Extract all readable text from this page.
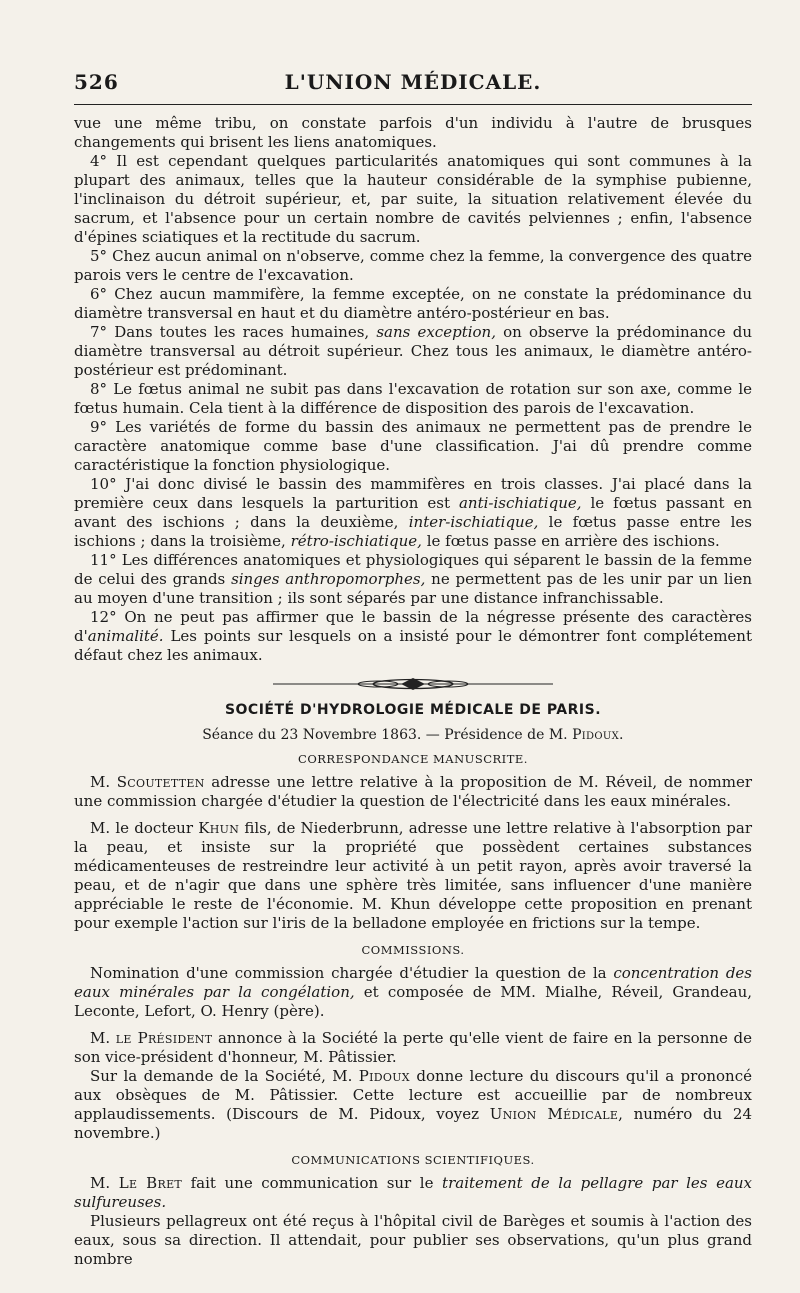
526	L'UNION MÉDICALE.

vue une même tribu, on constate parfois d'un individu à l'autre de brusques changements qui brisent les liens anatomiques.

4° Il est cependant quelques particularités anatomiques qui sont communes à la plupart des animaux, telles que la hauteur considérable de la symphise pubienne, l'inclinaison du détroit supérieur, et, par suite, la situation relativement élevée du sacrum, et l'absence pour un certain nombre de cavités pelviennes ; enfin, l'absence d'épines sciatiques et la rectitude du sacrum.

5° Chez aucun animal on n'observe, comme chez la femme, la convergence des quatre parois vers le centre de l'excavation.

6° Chez aucun mammifère, la femme exceptée, on ne constate la prédominance du diamètre transversal en haut et du diamètre antéro-postérieur en bas.

7° Dans toutes les races humaines, sans exception, on observe la prédominance du diamètre transversal au détroit supérieur. Chez tous les animaux, le diamètre antéro-postérieur est prédominant.

8° Le fœtus animal ne subit pas dans l'excavation de rotation sur son axe, comme le fœtus humain. Cela tient à la différence de disposition des parois de l'excavation.

9° Les variétés de forme du bassin des animaux ne permettent pas de prendre le caractère anatomique comme base d'une classification. J'ai dû prendre comme caractéristique la fonction physiologique.

10° J'ai donc divisé le bassin des mammifères en trois classes. J'ai placé dans la première ceux dans lesquels la parturition est anti-ischiatique, le fœtus passant en avant des ischions ; dans la deuxième, inter-ischiatique, le fœtus passe entre les ischions ; dans la troisième, rétro-ischiatique, le fœtus passe en arrière des ischions.

11° Les différences anatomiques et physiologiques qui séparent le bassin de la femme de celui des grands singes anthropomorphes, ne permettent pas de les unir par un lien au moyen d'une transition ; ils sont séparés par une distance infranchissable.

12° On ne peut pas affirmer que le bassin de la négresse présente des caractères d'animalité. Les points sur lesquels on a insisté pour le démontrer font complétement défaut chez les animaux.

SOCIÉTÉ D'HYDROLOGIE MÉDICALE DE PARIS.
Séance du 23 Novembre 1863. — Présidence de M. Pidoux.
CORRESPONDANCE MANUSCRITE.

M. Scoutetten adresse une lettre relative à la proposition de M. Réveil, de nommer une commission chargée d'étudier la question de l'électricité dans les eaux minérales.

M. le docteur Khun fils, de Niederbrunn, adresse une lettre relative à l'absorption par la peau, et insiste sur la propriété que possèdent certaines substances médicamenteuses de restreindre leur activité à un petit rayon, après avoir traversé la peau, et de n'agir que dans une sphère très limitée, sans influencer d'une manière appréciable le reste de l'économie. M. Khun développe cette proposition en prenant pour exemple l'action sur l'iris de la belladone employée en frictions sur la tempe.

COMMISSIONS.

Nomination d'une commission chargée d'étudier la question de la concentration des eaux minérales par la congélation, et composée de MM. Mialhe, Réveil, Grandeau, Leconte, Lefort, O. Henry (père).

M. le Président annonce à la Société la perte qu'elle vient de faire en la personne de son vice-président d'honneur, M. Pâtissier.

Sur la demande de la Société, M. Pidoux donne lecture du discours qu'il a prononcé aux obsèques de M. Pâtissier. Cette lecture est accueillie par de nombreux applaudissements. (Discours de M. Pidoux, voyez Union Médicale, numéro du 24 novembre.)

COMMUNICATIONS SCIENTIFIQUES.

M. Le Bret fait une communication sur le traitement de la pellagre par les eaux sulfureuses.

Plusieurs pellagreux ont été reçus à l'hôpital civil de Barèges et soumis à l'action des eaux, sous sa direction. Il attendait, pour publier ses observations, qu'un plus grand nombre
